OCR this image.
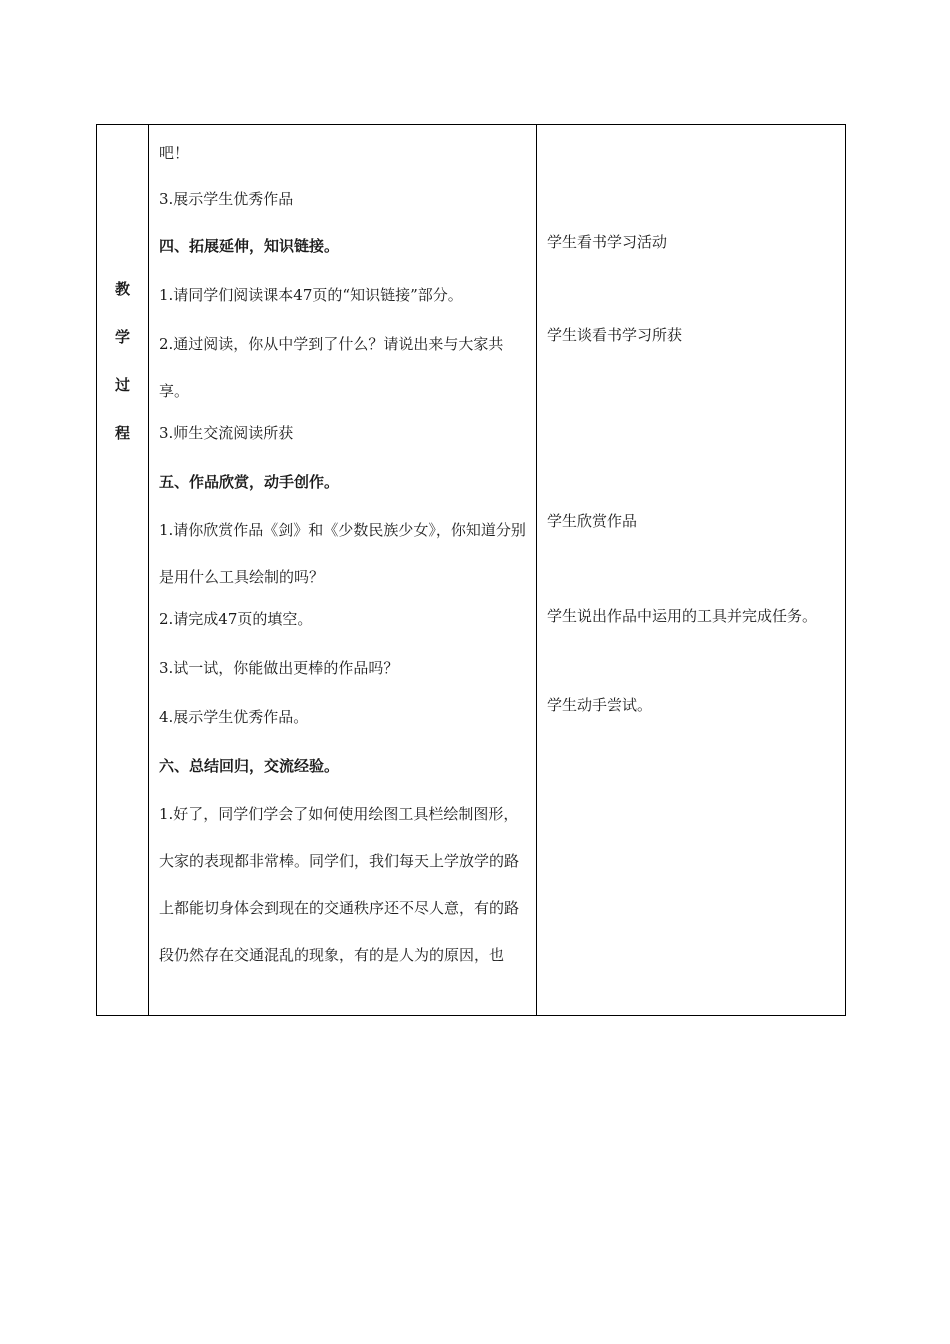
教
学
过
程

吧！

3.展示学生优秀作品

四、拓展延伸，知识链接。

1.请同学们阅读课本47页的“知识链接”部分。

2.通过阅读，你从中学到了什么？请说出来与大家共享。

3.师生交流阅读所获

五、作品欣赏，动手创作。

1.请你欣赏作品《剑》和《少数民族少女》，你知道分别是用什么工具绘制的吗？

2.请完成47页的填空。

3.试一试，你能做出更棒的作品吗？

4.展示学生优秀作品。

六、总结回归，交流经验。

1.好了，同学们学会了如何使用绘图工具栏绘制图形，大家的表现都非常棒。同学们，我们每天上学放学的路上都能切身体会到现在的交通秩序还不尽人意，有的路段仍然存在交通混乱的现象，有的是人为的原因，也

学生看书学习活动

学生谈看书学习所获

学生欣赏作品

学生说出作品中运用的工具并完成任务。

学生动手尝试。
